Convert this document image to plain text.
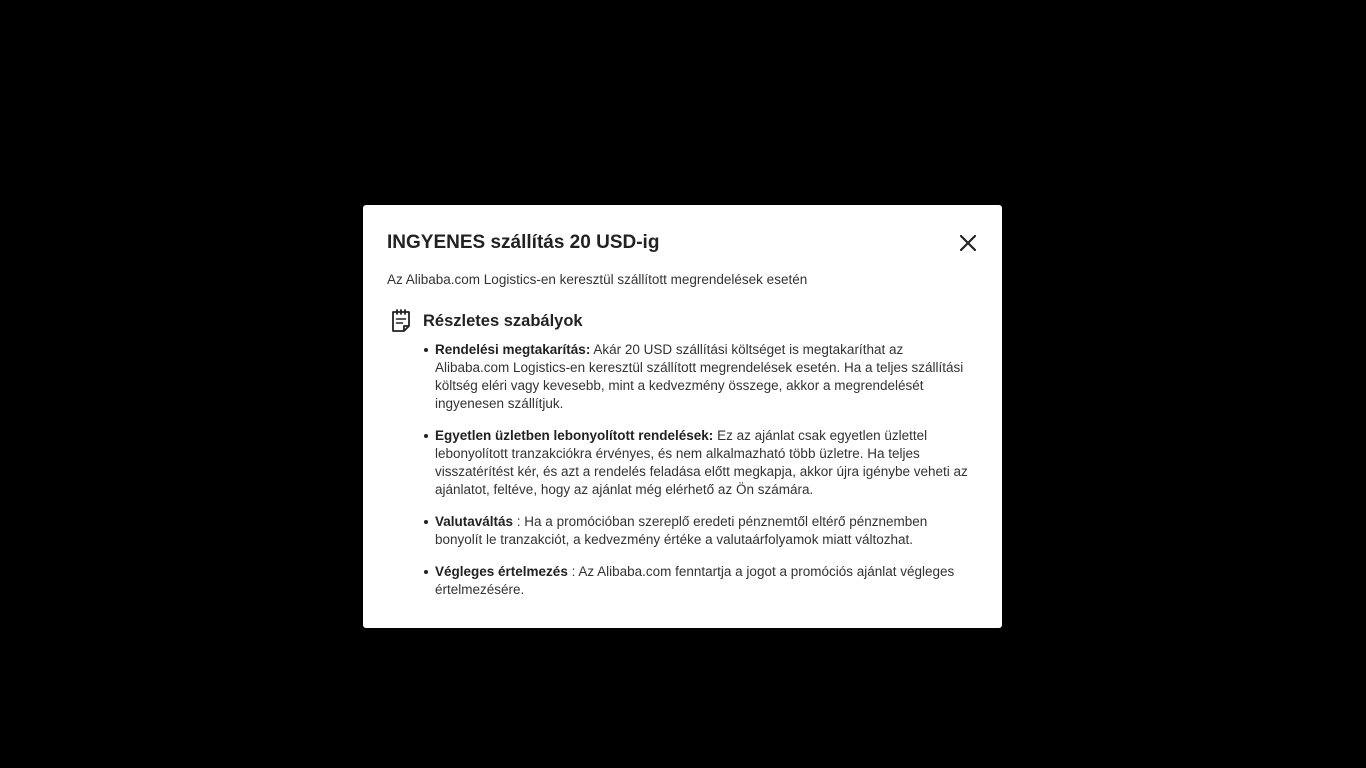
INGYENES szállítás 20 USD-ig
Az Alibaba.com Logistics-en keresztül szállított megrendelések esetén
Részletes szabályok
Rendelési megtakarítás: Akár 20 USD szállítási költséget is megtakaríthat az Alibaba.com Logistics-en keresztül szállított megrendelések esetén. Ha a teljes szállítási költség eléri vagy kevesebb, mint a kedvezmény összege, akkor a megrendelését ingyenesen szállítjuk.
Egyetlen üzletben lebonyolított rendelések: Ez az ajánlat csak egyetlen üzlettel lebonyolított tranzakciókra érvényes, és nem alkalmazható több üzletre. Ha teljes visszatérítést kér, és azt a rendelés feladása előtt megkapja, akkor újra igénybe veheti az ajánlatot, feltéve, hogy az ajánlat még elérhető az Ön számára.
Valutaváltás : Ha a promócióban szereplő eredeti pénznemtől eltérő pénznemben bonyolít le tranzakciót, a kedvezmény értéke a valutaárfolyamok miatt változhat.
Végleges értelmezés : Az Alibaba.com fenntartja a jogot a promóciós ajánlat végleges értelmezésére.
